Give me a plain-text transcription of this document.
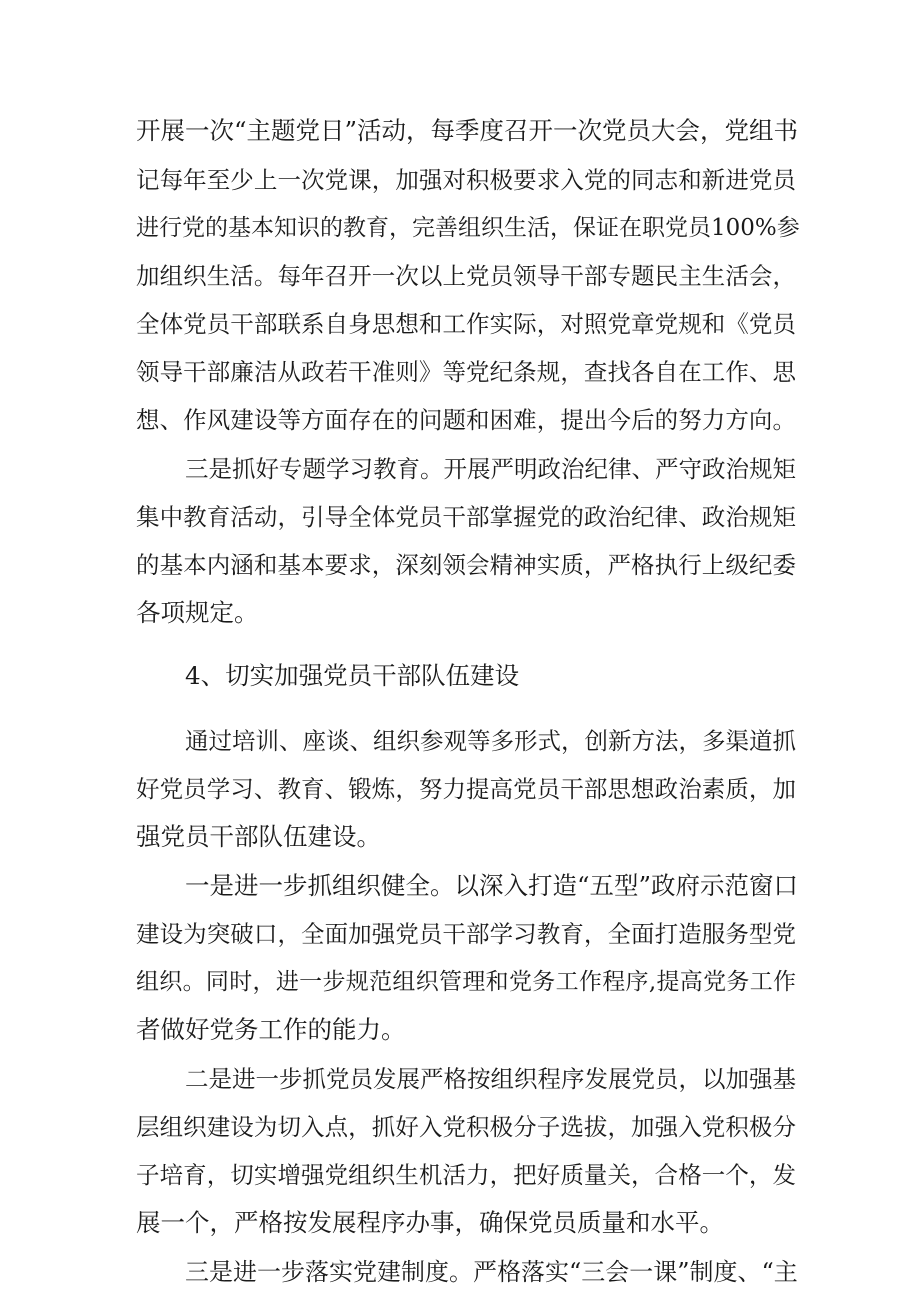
开展一次“主题党日”活动，每季度召开一次党员大会，党组书
记每年至少上一次党课，加强对积极要求入党的同志和新进党员
进行党的基本知识的教育，完善组织生活，保证在职党员100%参
加组织生活。每年召开一次以上党员领导干部专题民主生活会，
全体党员干部联系自身思想和工作实际，对照党章党规和《党员
领导干部廉洁从政若干准则》等党纪条规，查找各自在工作、思
想、作风建设等方面存在的问题和困难，提出今后的努力方向。
三是抓好专题学习教育。开展严明政治纪律、严守政治规矩
集中教育活动，引导全体党员干部掌握党的政治纪律、政治规矩
的基本内涵和基本要求，深刻领会精神实质，严格执行上级纪委
各项规定。
4、切实加强党员干部队伍建设
通过培训、座谈、组织参观等多形式，创新方法，多渠道抓
好党员学习、教育、锻炼，努力提高党员干部思想政治素质，加
强党员干部队伍建设。
一是进一步抓组织健全。以深入打造“五型”政府示范窗口
建设为突破口，全面加强党员干部学习教育，全面打造服务型党
组织。同时，进一步规范组织管理和党务工作程序,提高党务工作
者做好党务工作的能力。
二是进一步抓党员发展严格按组织程序发展党员，以加强基
层组织建设为切入点，抓好入党积极分子选拔，加强入党积极分
子培育，切实增强党组织生机活力，把好质量关，合格一个，发
展一个，严格按发展程序办事，确保党员质量和水平。
三是进一步落实党建制度。严格落实“三会一课”制度、“主
